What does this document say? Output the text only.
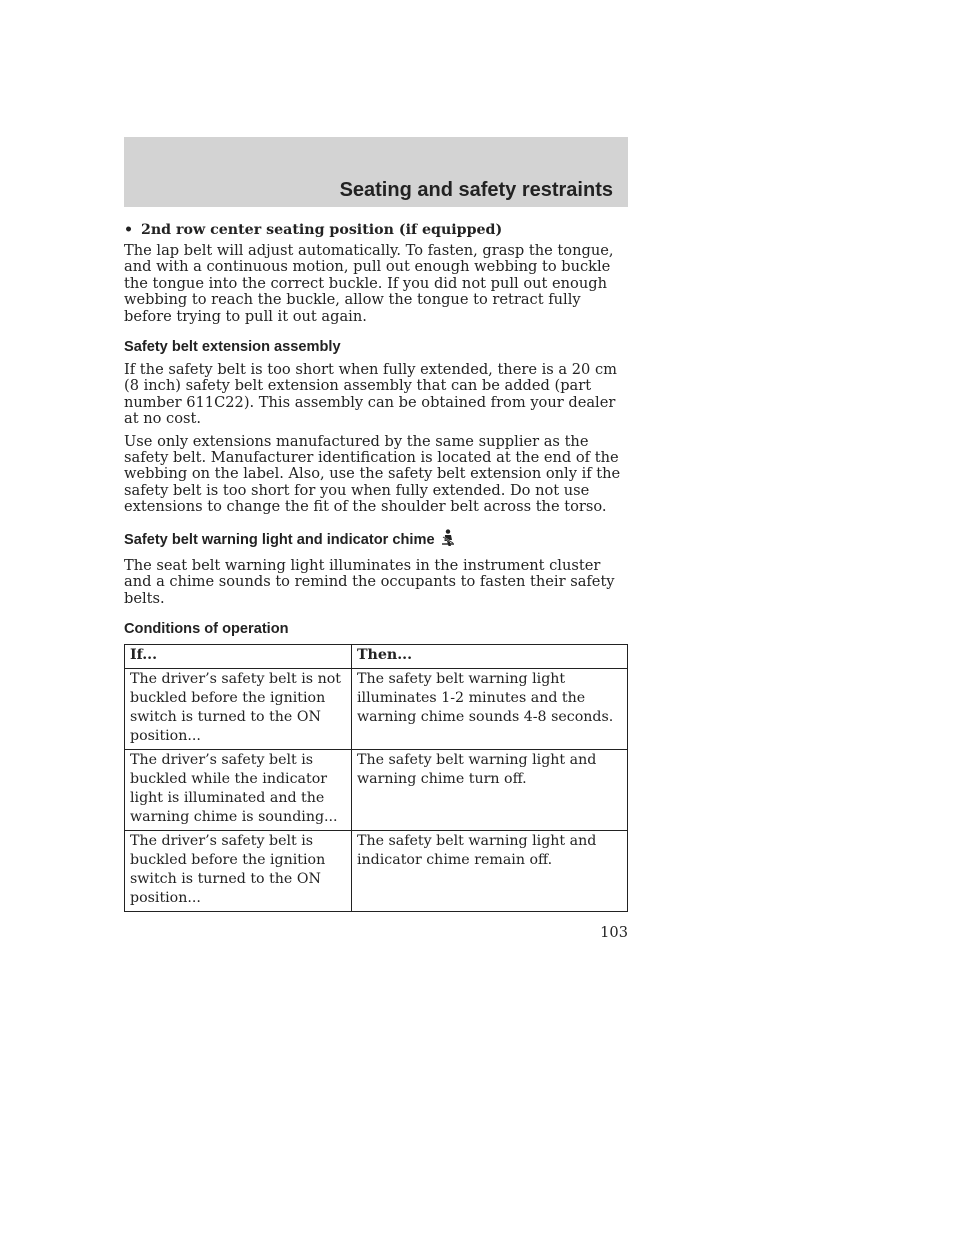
Seating and safety restraints
• 2nd row center seating position (if equipped)

The lap belt will adjust automatically. To fasten, grasp the tongue, and with a continuous motion, pull out enough webbing to buckle the tongue into the correct buckle. If you did not pull out enough webbing to reach the buckle, allow the tongue to retract fully before trying to pull it out again.

Safety belt extension assembly

If the safety belt is too short when fully extended, there is a 20 cm (8 inch) safety belt extension assembly that can be added (part number 611C22). This assembly can be obtained from your dealer at no cost.

Use only extensions manufactured by the same supplier as the safety belt. Manufacturer identification is located at the end of the webbing on the label. Also, use the safety belt extension only if the safety belt is too short for you when fully extended. Do not use extensions to change the fit of the shoulder belt across the torso.

Safety belt warning light and indicator chime

The seat belt warning light illuminates in the instrument cluster and a chime sounds to remind the occupants to fasten their safety belts.

Conditions of operation
If...	Then...
The driver’s safety belt is not buckled before the ignition switch is turned to the ON position...	The safety belt warning light illuminates 1-2 minutes and the warning chime sounds 4-8 seconds.
The driver’s safety belt is buckled while the indicator light is illuminated and the warning chime is sounding...	The safety belt warning light and warning chime turn off.
The driver’s safety belt is buckled before the ignition switch is turned to the ON position...	The safety belt warning light and indicator chime remain off.
103
